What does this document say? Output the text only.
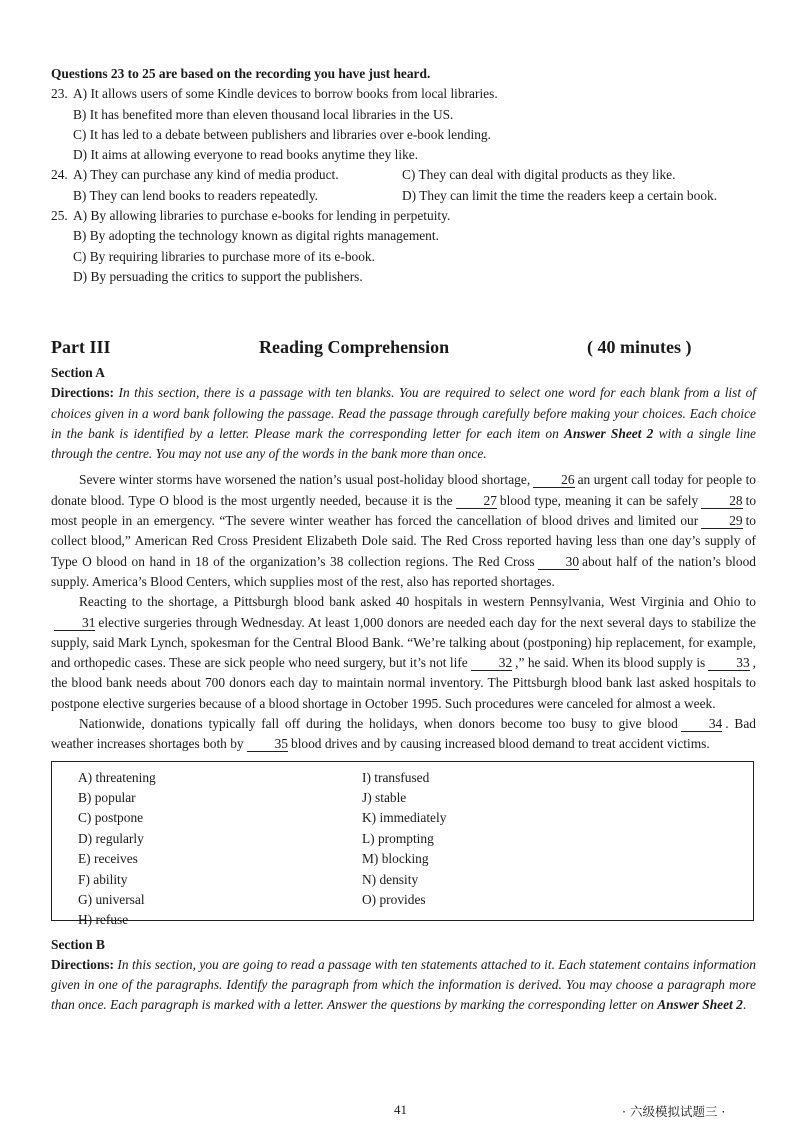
Questions 23 to 25 are based on the recording you have just heard.
23. A) It allows users of some Kindle devices to borrow books from local libraries.
B) It has benefited more than eleven thousand local libraries in the US.
C) It has led to a debate between publishers and libraries over e-book lending.
D) It aims at allowing everyone to read books anytime they like.
24. A) They can purchase any kind of media product.	C) They can deal with digital products as they like.
B) They can lend books to readers repeatedly.	D) They can limit the time the readers keep a certain book.
25. A) By allowing libraries to purchase e-books for lending in perpetuity.
B) By adopting the technology known as digital rights management.
C) By requiring libraries to purchase more of its e-book.
D) By persuading the critics to support the publishers.
Part III	Reading Comprehension	( 40 minutes )
Section A
Directions: In this section, there is a passage with ten blanks. You are required to select one word for each blank from a list of choices given in a word bank following the passage. Read the passage through carefully before making your choices. Each choice in the bank is identified by a letter. Please mark the corresponding letter for each item on Answer Sheet 2 with a single line through the centre. You may not use any of the words in the bank more than once.

Severe winter storms have worsened the nation’s usual post-holiday blood shortage, 26 an urgent call today for people to donate blood. Type O blood is the most urgently needed, because it is the 27 blood type, meaning it can be safely 28 to most people in an emergency. “The severe winter weather has forced the cancellation of blood drives and limited our 29 to collect blood,” American Red Cross President Elizabeth Dole said. The Red Cross reported having less than one day’s supply of Type O blood on hand in 18 of the organization’s 38 collection regions. The Red Cross 30 about half of the nation’s blood supply. America’s Blood Centers, which supplies most of the rest, also has reported shortages.

Reacting to the shortage, a Pittsburgh blood bank asked 40 hospitals in western Pennsylvania, West Virginia and Ohio to31 elective surgeries through Wednesday. At least 1,000 donors are needed each day for the next several days to stabilize the supply, said Mark Lynch, spokesman for the Central Blood Bank. “We’re talking about (postponing) hip replacement, for example, and orthopedic cases. These are sick people who need surgery, but it’s not life 32 ,” he said. When its blood supply is 33 , the blood bank needs about 700 donors each day to maintain normal inventory. The Pittsburgh blood bank last asked hospitals to postpone elective surgeries because of a blood shortage in October 1995. Such procedures were canceled for almost a week.

Nationwide, donations typically fall off during the holidays, when donors become too busy to give blood 34 . Bad weather increases shortages both by 35 blood drives and by causing increased blood demand to treat accident victims.

A) threatening
B) popular
C) postpone
D) regularly
E) receives
F) ability
G) universal
H) refuse
I) transfused
J) stable
K) immediately
L) prompting
M) blocking
N) density
O) provides
Section B
Directions: In this section, you are going to read a passage with ten statements attached to it. Each statement contains information given in one of the paragraphs. Identify the paragraph from which the information is derived. You may choose a paragraph more than once. Each paragraph is marked with a letter. Answer the questions by marking the corresponding letter on Answer Sheet 2.
41	· 六级模拟试题三 ·
